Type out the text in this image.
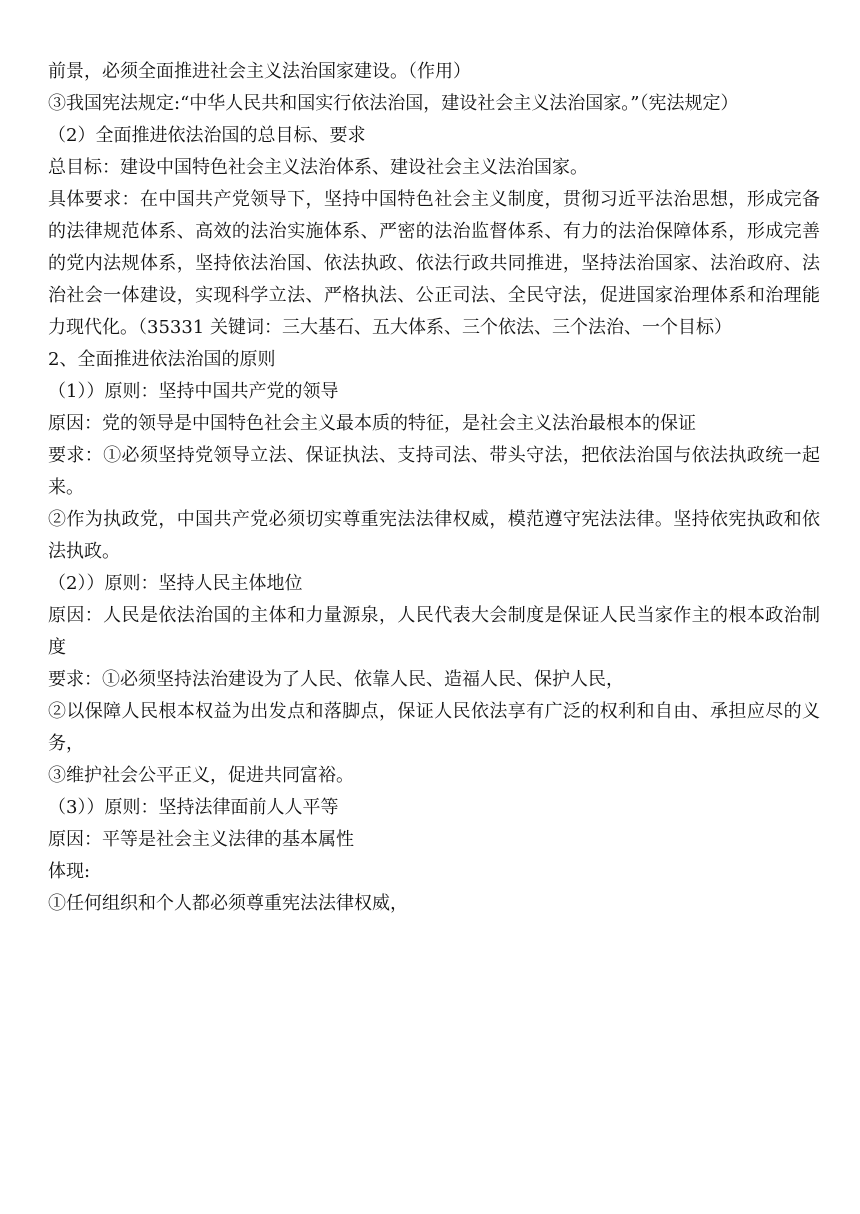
前景，必须全面推进社会主义法治国家建设。（作用）

③我国宪法规定:“中华人民共和国实行依法治国，建设社会主义法治国家。”（宪法规定）

（2）全面推进依法治国的总目标、要求

总目标：建设中国特色社会主义法治体系、建设社会主义法治国家。

具体要求：在中国共产党领导下，坚持中国特色社会主义制度，贯彻习近平法治思想，形成完备的法律规范体系、高效的法治实施体系、严密的法治监督体系、有力的法治保障体系，形成完善的党内法规体系，坚持依法治国、依法执政、依法行政共同推进，坚持法治国家、法治政府、法治社会一体建设，实现科学立法、严格执法、公正司法、全民守法，促进国家治理体系和治理能力现代化。（35331 关键词：三大基石、五大体系、三个依法、三个法治、一个目标）

2、全面推进依法治国的原则

（1））原则：坚持中国共产党的领导

原因：党的领导是中国特色社会主义最本质的特征，是社会主义法治最根本的保证

要求：①必须坚持党领导立法、保证执法、支持司法、带头守法，把依法治国与依法执政统一起来。

②作为执政党，中国共产党必须切实尊重宪法法律权威，模范遵守宪法法律。坚持依宪执政和依法执政。

（2））原则：坚持人民主体地位

原因：人民是依法治国的主体和力量源泉，人民代表大会制度是保证人民当家作主的根本政治制度

要求：①必须坚持法治建设为了人民、依靠人民、造福人民、保护人民，

②以保障人民根本权益为出发点和落脚点，保证人民依法享有广泛的权利和自由、承担应尽的义务，

③维护社会公平正义，促进共同富裕。

（3））原则：坚持法律面前人人平等

原因：平等是社会主义法律的基本属性

体现:

①任何组织和个人都必须尊重宪法法律权威，
